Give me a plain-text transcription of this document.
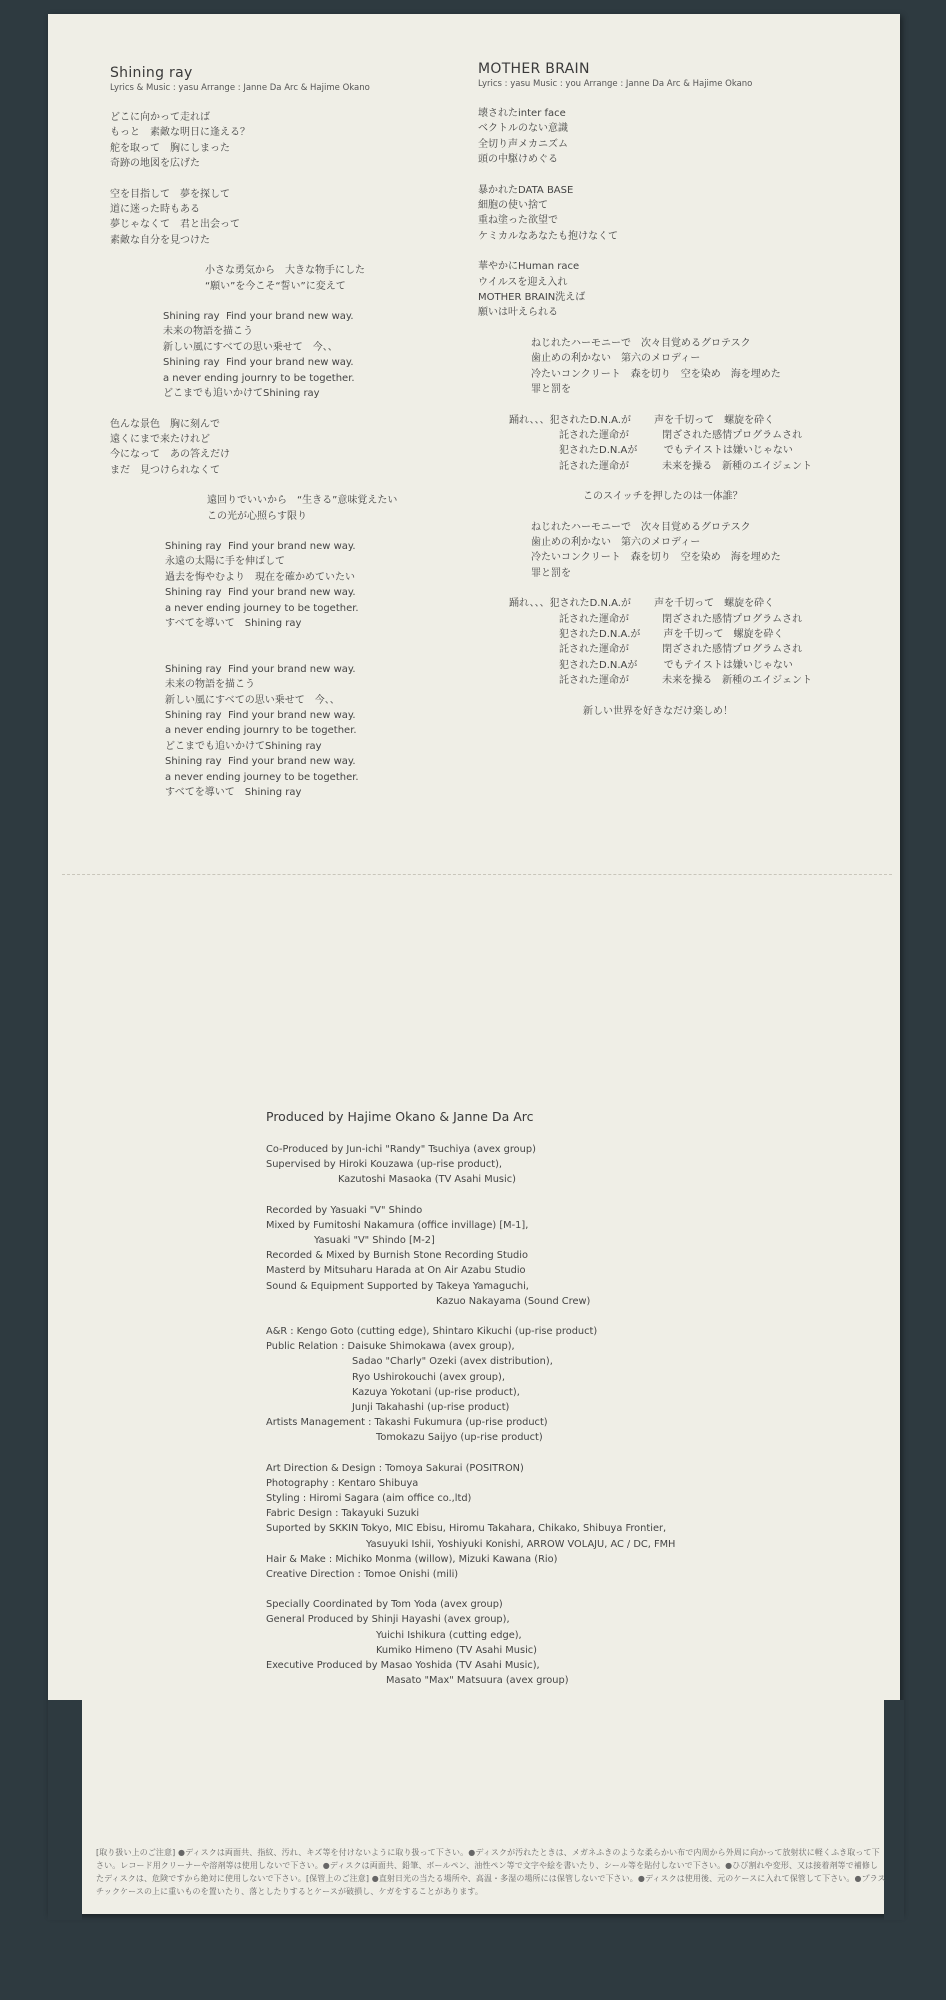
Shining ray
Lyrics & Music : yasu Arrange : Janne Da Arc & Hajime Okano
どこに向かって走れば
もっと　素敵な明日に逢える？
舵を取って　胸にしまった
奇跡の地図を広げた
空を目指して　夢を探して
道に迷った時もある
夢じゃなくて　君と出会って
素敵な自分を見つけた
小さな勇気から　大きな物手にした
“願い”を今こそ“誓い”に変えて
Shining ray  Find your brand new way.
未来の物語を描こう
新しい風にすべての思い乗せて　今、、
Shining ray  Find your brand new way.
a never ending journry to be together.
どこまでも追いかけてShining ray
色んな景色　胸に刻んで
遠くにまで来たけれど
今になって　あの答えだけ
まだ　見つけられなくて
遠回りでいいから　“生きる”意味覚えたい
この光が心照らす限り
Shining ray  Find your brand new way.
永遠の太陽に手を伸ばして
過去を悔やむより　現在を確かめていたい
Shining ray  Find your brand new way.
a never ending journey to be together.
すべてを導いて　Shining ray

Shining ray  Find your brand new way.
未来の物語を描こう
新しい風にすべての思い乗せて　今、、
Shining ray  Find your brand new way.
a never ending journry to be together.
どこまでも追いかけてShining ray
Shining ray  Find your brand new way.
a never ending journey to be together.
すべてを導いて　Shining ray
MOTHER BRAIN
Lyrics : yasu Music : you Arrange : Janne Da Arc & Hajime Okano
壊されたinter face
ベクトルのない意識
全切り声メカニズム
頭の中駆けめぐる
暴かれたDATA BASE
細胞の使い捨て
重ね塗った欲望で
ケミカルなあなたも抱けなくて
華やかにHuman race
ウイルスを迎え入れ
MOTHER BRAIN洗えば
願いは叶えられる
ねじれたハーモニーで　次々目覚めるグロテスク
歯止めの利かない　第六のメロディー
冷たいコンクリート　森を切り　空を染め　海を埋めた
罪と罰を
踊れ、、、犯されたD.N.A.が　　 声を千切って　螺旋を砕く
　　　　　託された運命が　　　 閉ざされた感情プログラムされ
　　　　　犯されたD.N.Aが　　  でもテイストは嫌いじゃない
　　　　　託された運命が　　　 未来を操る　新種のエイジェント
このスイッチを押したのは一体誰？
ねじれたハーモニーで　次々目覚めるグロテスク
歯止めの利かない　第六のメロディー
冷たいコンクリート　森を切り　空を染め　海を埋めた
罪と罰を
踊れ、、、犯されたD.N.A.が　　 声を千切って　螺旋を砕く
　　　　　託された運命が　　　 閉ざされた感情プログラムされ
　　　　　犯されたD.N.A.が　　 声を千切って　螺旋を砕く
　　　　　託された運命が　　　 閉ざされた感情プログラムされ
　　　　　犯されたD.N.Aが　　  でもテイストは嫌いじゃない
　　　　　託された運命が　　　 未来を操る　新種のエイジェント
新しい世界を好きなだけ楽しめ！
Produced by Hajime Okano & Janne Da Arc
Co-Produced by Jun-ichi "Randy" Tsuchiya (avex group)
Supervised by Hiroki Kouzawa (up-rise product),
Kazutoshi Masaoka (TV Asahi Music)
Recorded by Yasuaki "V" Shindo
Mixed by Fumitoshi Nakamura (office invillage) [M-1],
Yasuaki "V" Shindo [M-2]
Recorded & Mixed by Burnish Stone Recording Studio
Masterd by Mitsuharu Harada at On Air Azabu Studio
Sound & Equipment Supported by Takeya Yamaguchi,
Kazuo Nakayama (Sound Crew)
A&R : Kengo Goto (cutting edge), Shintaro Kikuchi (up-rise product)
Public Relation : Daisuke Shimokawa (avex group),
Sadao "Charly" Ozeki (avex distribution),
Ryo Ushirokouchi (avex group),
Kazuya Yokotani (up-rise product),
Junji Takahashi (up-rise product)
Artists Management : Takashi Fukumura (up-rise product)
Tomokazu Saijyo (up-rise product)
Art Direction & Design : Tomoya Sakurai (POSITRON)
Photography : Kentaro Shibuya
Styling : Hiromi Sagara (aim office co.,ltd)
Fabric Design : Takayuki Suzuki
Suported by SKKIN Tokyo, MIC Ebisu, Hiromu Takahara, Chikako, Shibuya Frontier,
Yasuyuki Ishii, Yoshiyuki Konishi, ARROW VOLAJU, AC / DC, FMH
Hair & Make : Michiko Monma (willow), Mizuki Kawana (Rio)
Creative Direction : Tomoe Onishi (mili)
Specially Coordinated by Tom Yoda (avex group)
General Produced by Shinji Hayashi (avex group),
Yuichi Ishikura (cutting edge),
Kumiko Himeno (TV Asahi Music)
Executive Produced by Masao Yoshida (TV Asahi Music),
Masato "Max" Matsuura (avex group)
[取り扱い上のご注意] ●ディスクは両面共、指紋、汚れ、キズ等を付けないように取り扱って下さい。●ディスクが汚れたときは、メガネふきのような柔らかい布で内周から外周に向かって放射状に軽くふき取って下さい。レコード用クリーナーや溶剤等は使用しないで下さい。●ディスクは両面共、鉛筆、ボールペン、油性ペン等で文字や絵を書いたり、シール等を貼付しないで下さい。●ひび割れや変形、又は接着剤等で補修したディスクは、危険ですから絶対に使用しないで下さい。[保管上のご注意] ●直射日光の当たる場所や、高温・多湿の場所には保管しないで下さい。●ディスクは使用後、元のケースに入れて保管して下さい。●プラスチックケースの上に重いものを置いたり、落としたりするとケースが破損し、ケガをすることがあります。
